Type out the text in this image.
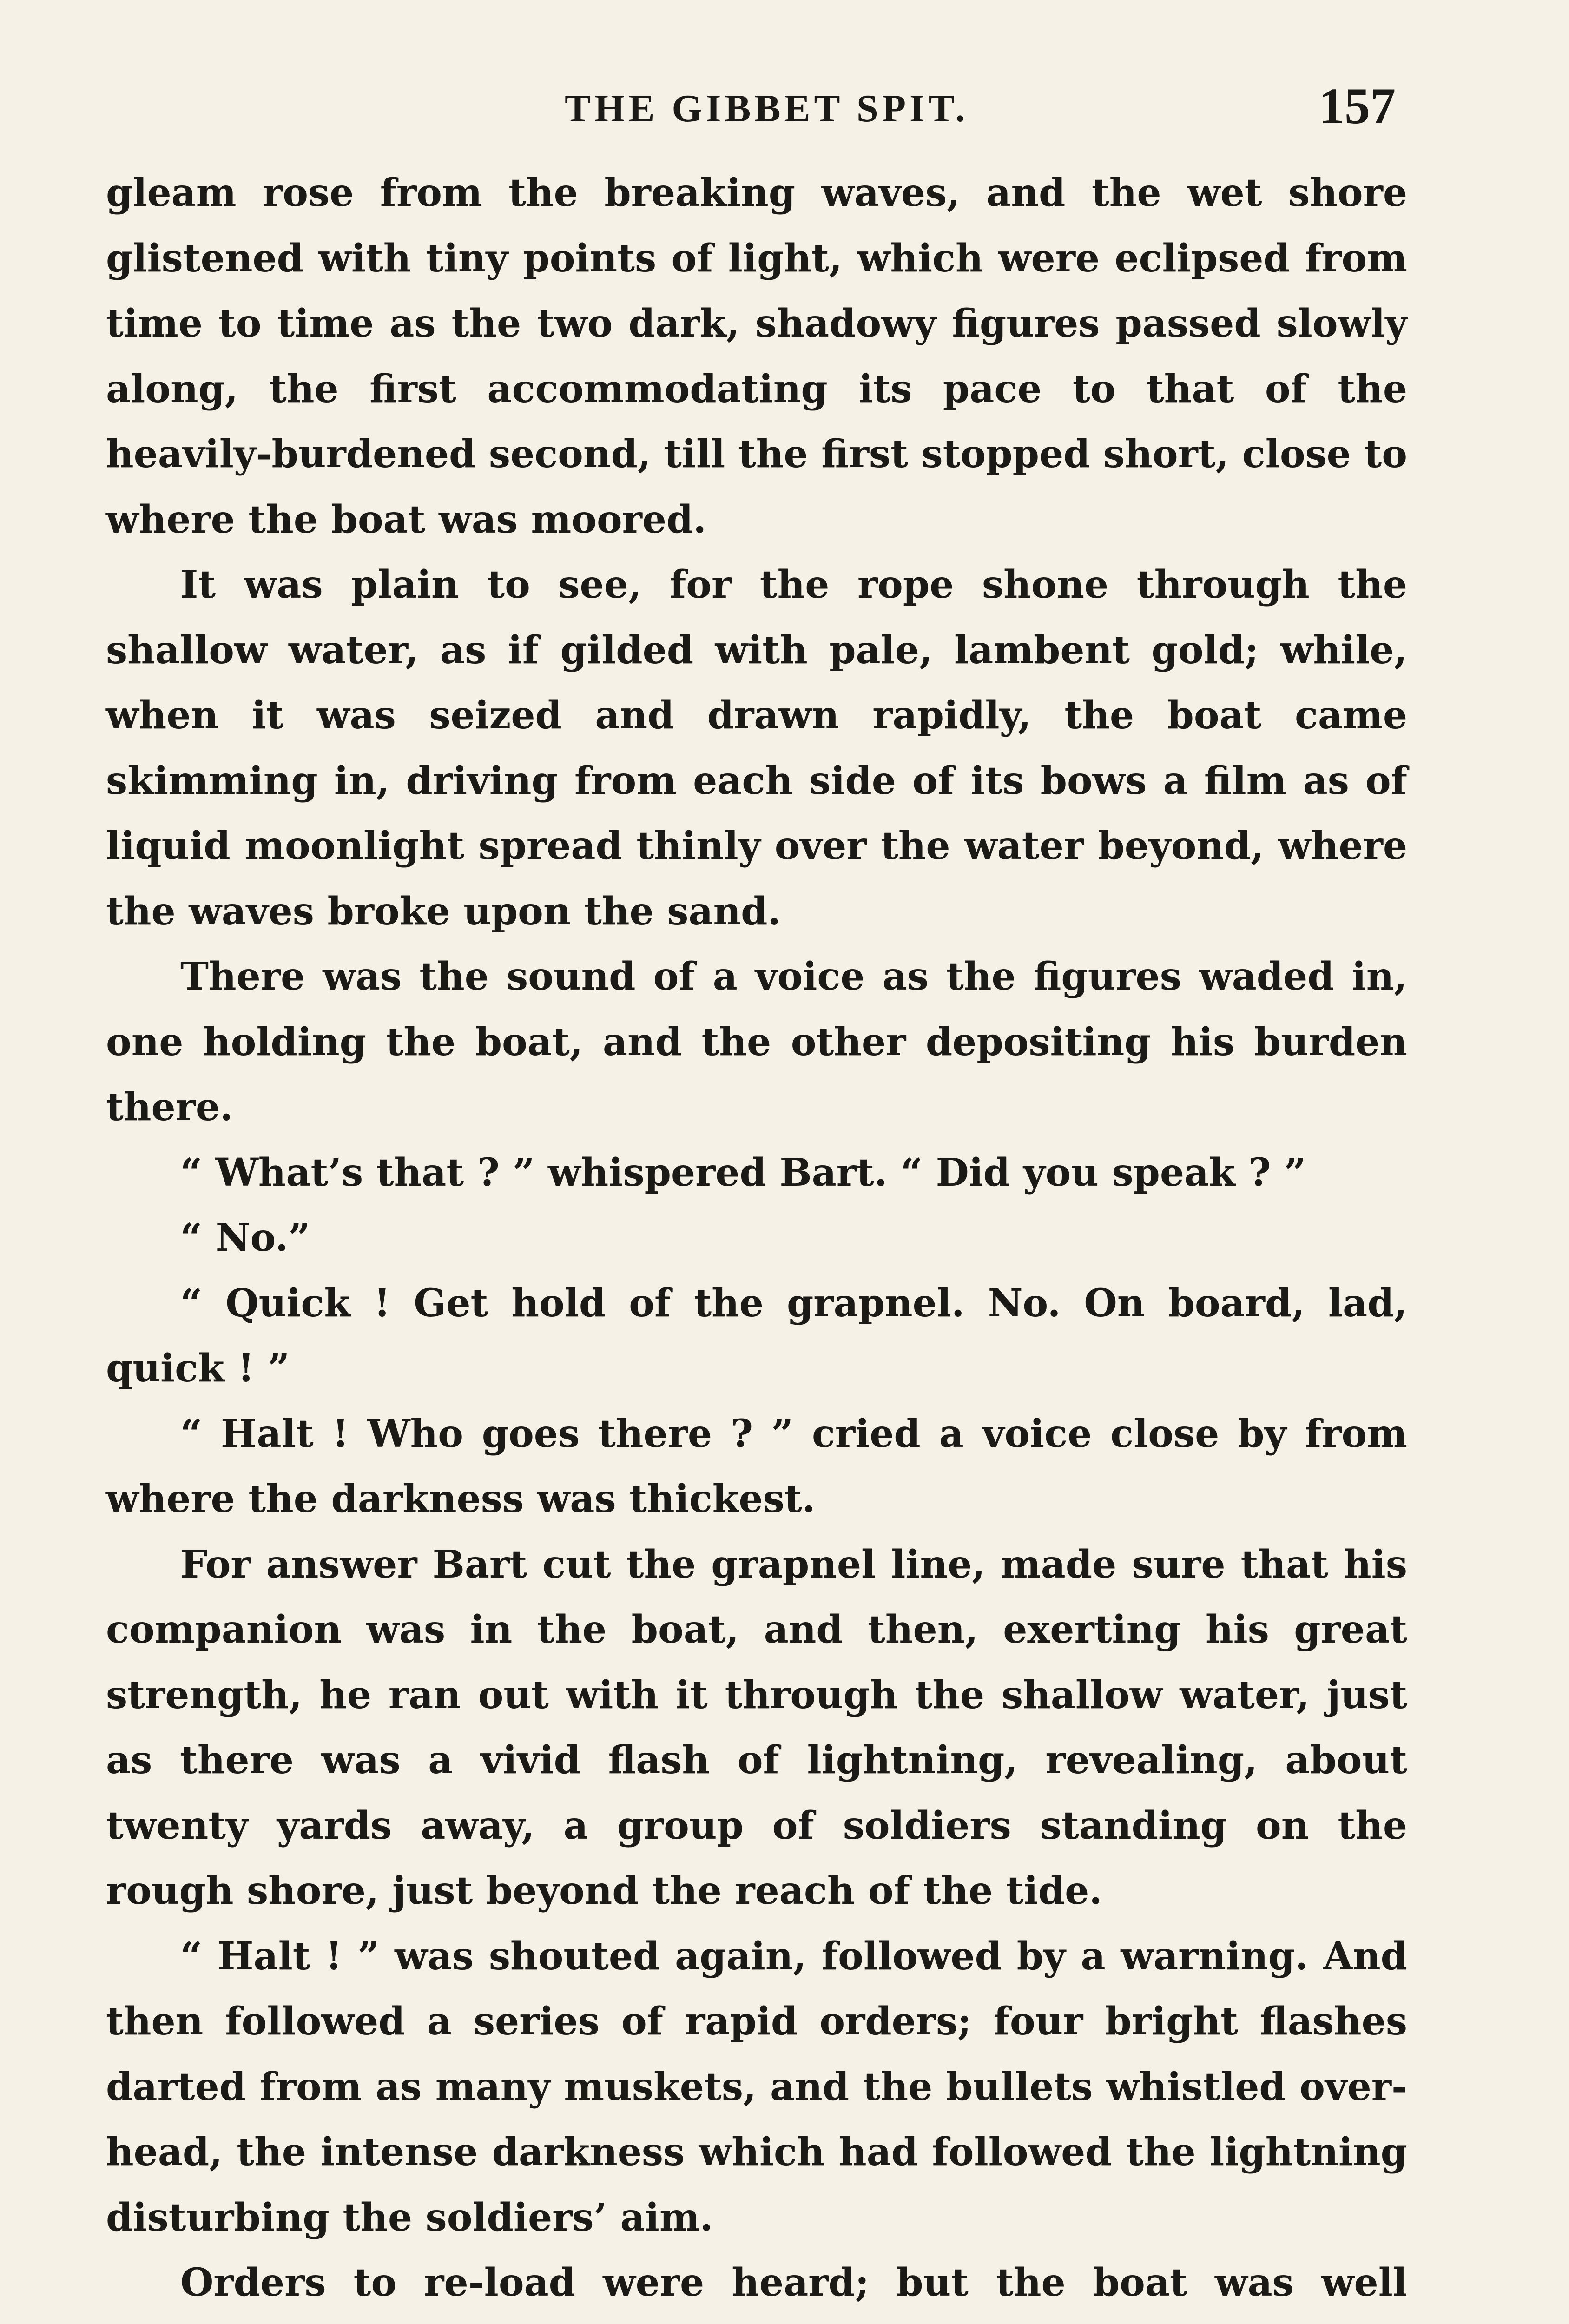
THE GIBBET SPIT.	157

gleam rose from the breaking waves, and the wet shore glistened with tiny points of light, which were eclipsed from time to time as the two dark, shadowy figures passed slowly along, the first accommodating its pace to that of the heavily-burdened second, till the first stopped short, close to where the boat was moored.

It was plain to see, for the rope shone through the shallow water, as if gilded with pale, lambent gold; while, when it was seized and drawn rapidly, the boat came skimming in, driving from each side of its bows a film as of liquid moonlight spread thinly over the water beyond, where the waves broke upon the sand.

There was the sound of a voice as the figures waded in, one holding the boat, and the other depositing his burden there.

“ What’s that ? ” whispered Bart. “ Did you speak ? ”

“ No.”

“ Quick ! Get hold of the grapnel. No. On board, lad, quick ! ”

“ Halt ! Who goes there ? ” cried a voice close by from where the darkness was thickest.

For answer Bart cut the grapnel line, made sure that his companion was in the boat, and then, exerting his great strength, he ran out with it through the shallow water, just as there was a vivid flash of lightning, revealing, about twenty yards away, a group of soldiers standing on the rough shore, just beyond the reach of the tide.

“ Halt ! ” was shouted again, followed by a warning. And then followed a series of rapid orders; four bright flashes darted from as many muskets, and the bullets whistled over-head, the intense darkness which had followed the lightning disturbing the soldiers’ aim.

Orders to re-load were heard; but the boat was well
